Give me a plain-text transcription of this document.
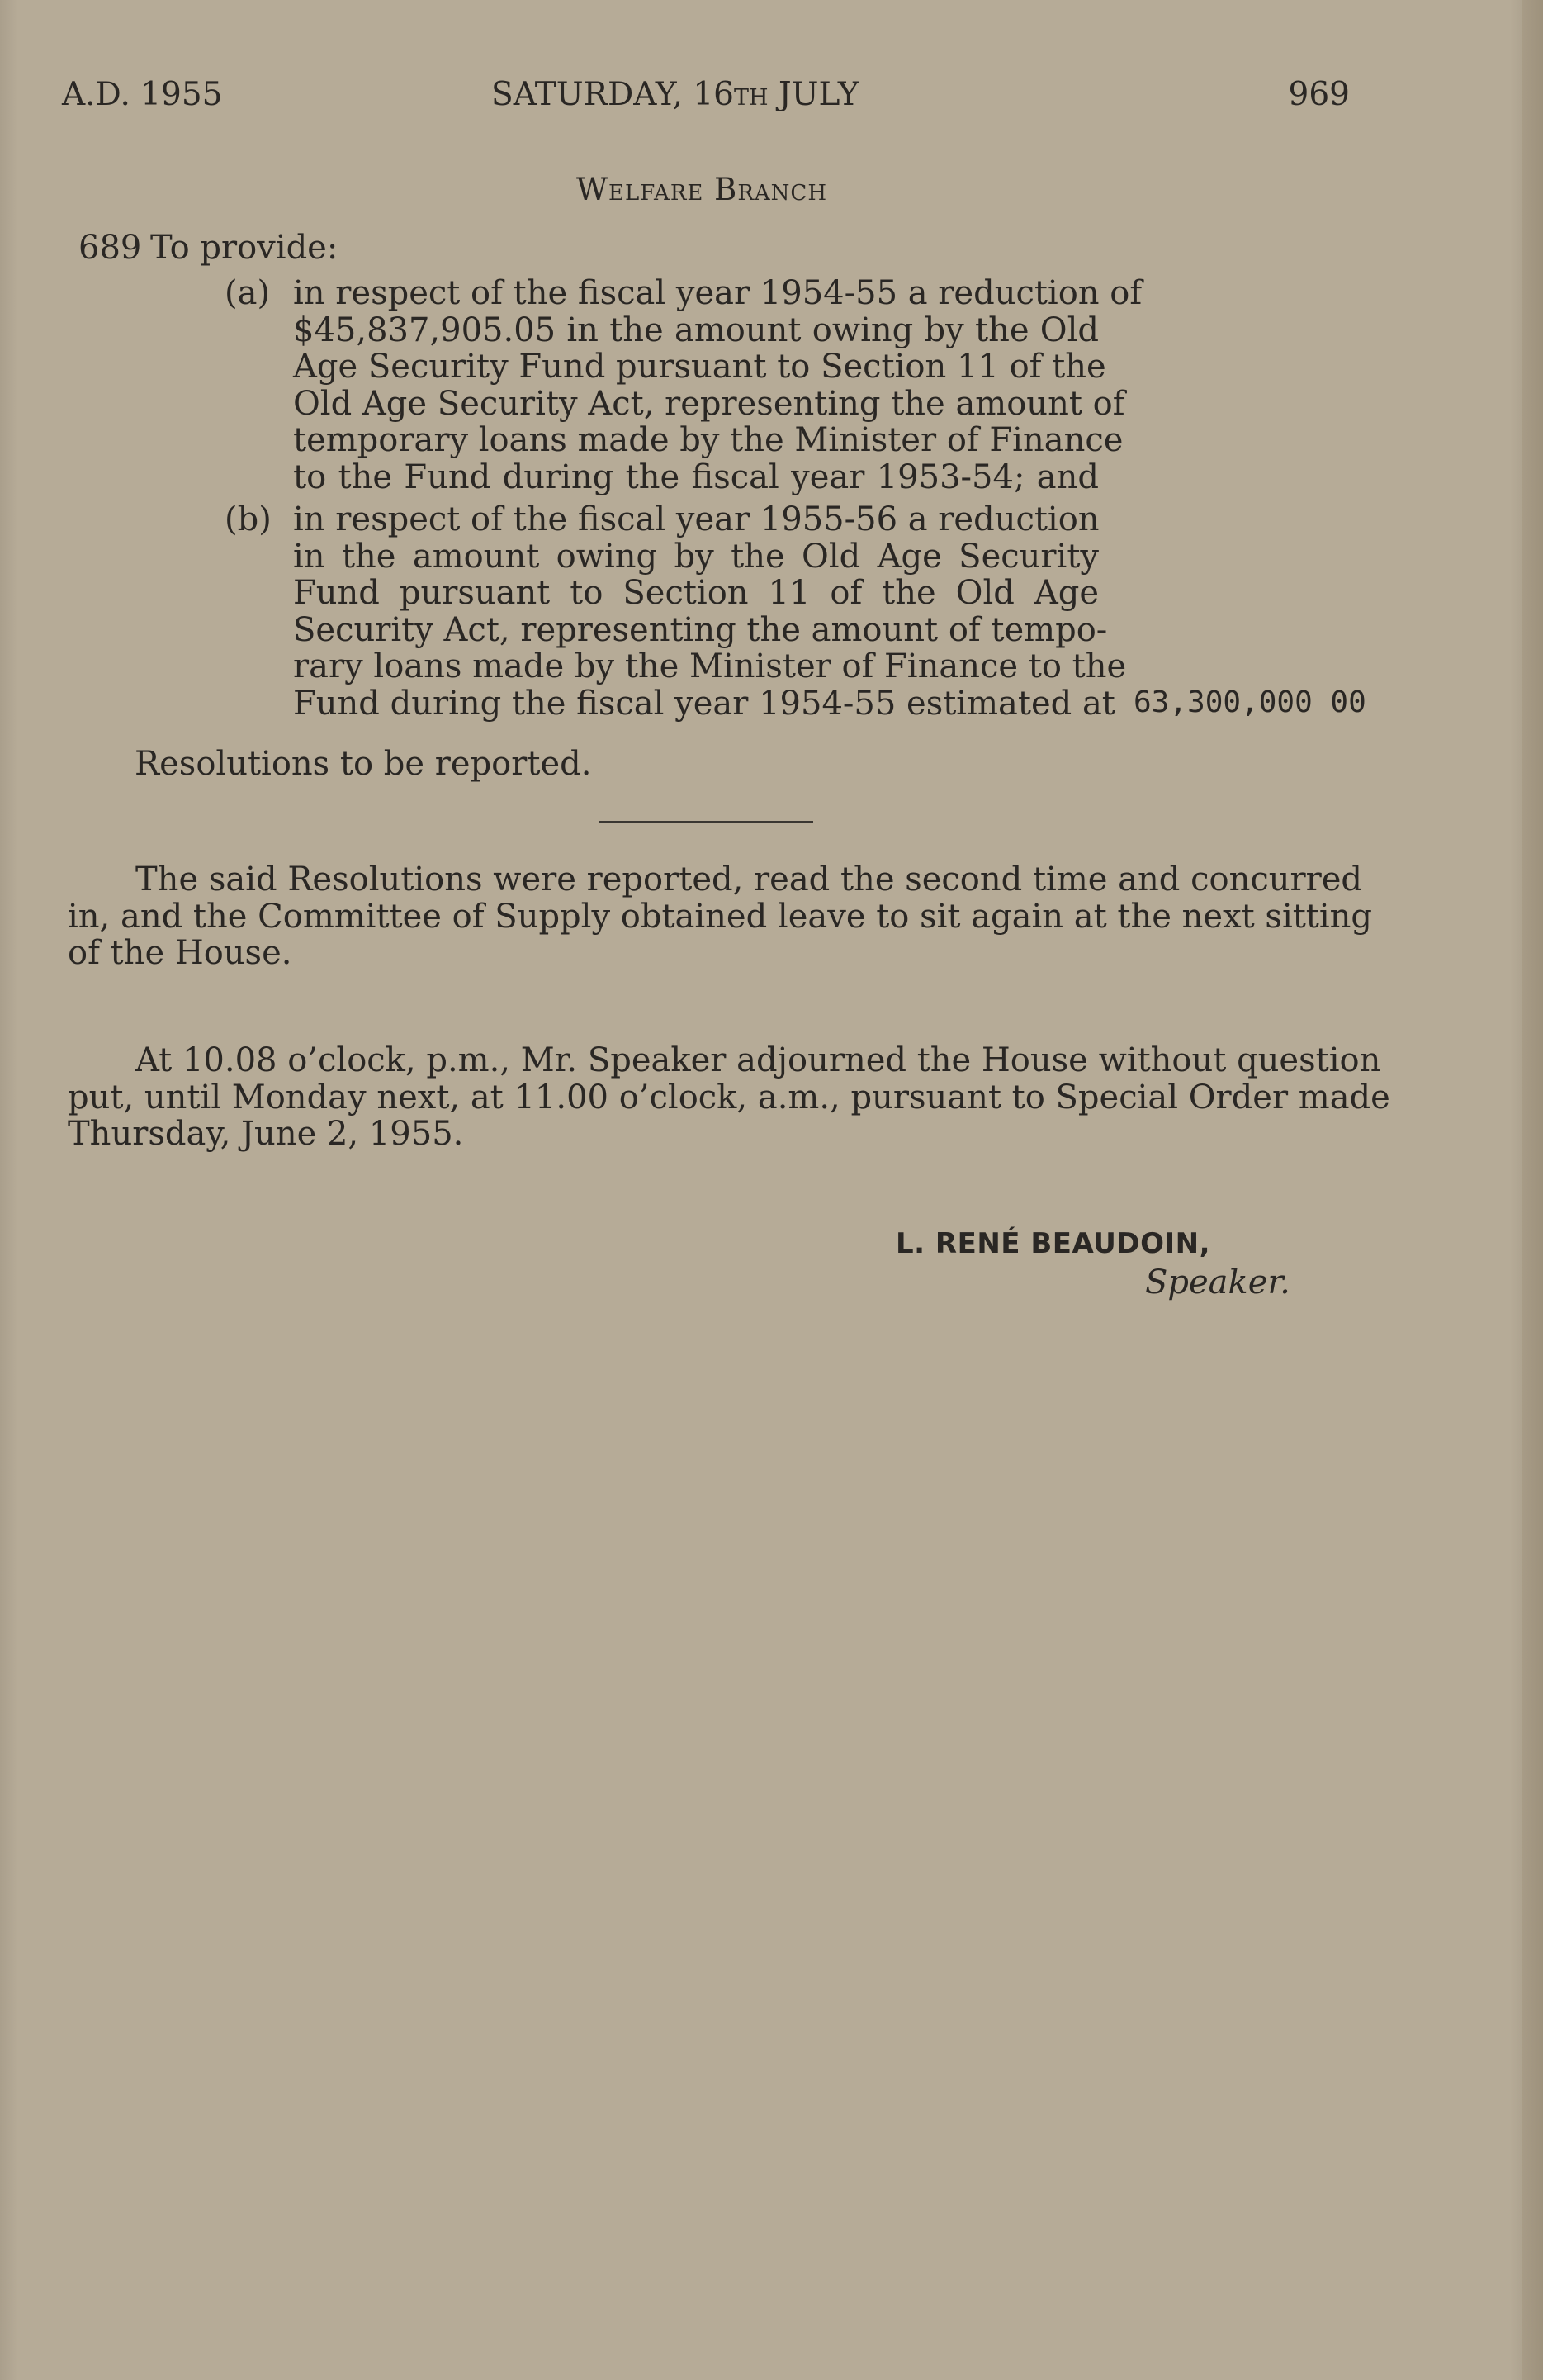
A.D. 1955	SATURDAY, 16th JULY	969
Welfare Branch
689 To provide:
(a) in respect of the fiscal year 1954-55 a reduction of
$45,837,905.05 in the amount owing by the Old
Age Security Fund pursuant to Section 11 of the
Old Age Security Act, representing the amount of
temporary loans made by the Minister of Finance
to the Fund during the fiscal year 1953-54; and
(b) in respect of the fiscal year 1955-56 a reduction
in the amount owing by the Old Age Security
Fund pursuant to Section 11 of the Old Age
Security Act, representing the amount of tempo-
rary loans made by the Minister of Finance to the
Fund during the fiscal year 1954-55 estimated at 63,300,000 00
Resolutions to be reported.
The said Resolutions were reported, read the second time and concurred
in, and the Committee of Supply obtained leave to sit again at the next sitting
of the House.
At 10.08 o’clock, p.m., Mr. Speaker adjourned the House without question
put, until Monday next, at 11.00 o’clock, a.m., pursuant to Special Order made
Thursday, June 2, 1955.
L. RENÉ BEAUDOIN,
Speaker.
